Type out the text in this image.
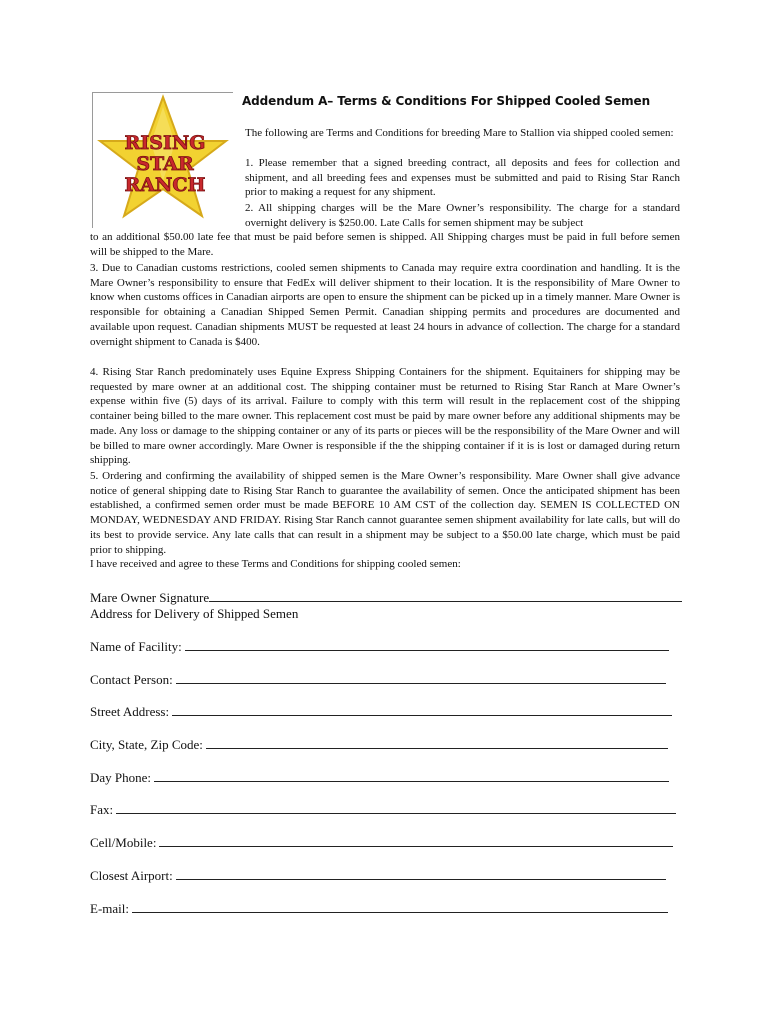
RISING
STAR
RANCH
Addendum A– Terms & Conditions For Shipped Cooled Semen

The following are Terms and Conditions for breeding Mare to Stallion via shipped cooled semen:

1. Please remember that a signed breeding contract, all deposits and fees for collection and shipment, and all breeding fees and expenses must be submitted and paid to Rising Star Ranch prior to making a request for any shipment.

2. All shipping charges will be the Mare Owner’s responsibility. The charge for a standard overnight delivery is $250.00. Late Calls for semen shipment may be subject

to an additional $50.00 late fee that must be paid before semen is shipped. All Shipping charges must be paid in full before semen will be shipped to the Mare.

3. Due to Canadian customs restrictions, cooled semen shipments to Canada may require extra coordination and handling. It is the Mare Owner’s responsibility to ensure that FedEx will deliver shipment to their location. It is the responsibility of Mare Owner to know when customs offices in Canadian airports are open to ensure the shipment can be picked up in a timely manner. Mare Owner is responsible for obtaining a Canadian Shipped Semen Permit. Canadian shipping permits and procedures are documented and available upon request. Canadian shipments MUST be requested at least 24 hours in advance of collection. The charge for a standard overnight shipment to Canada is $400.

4. Rising Star Ranch predominately uses Equine Express Shipping Containers for the shipment. Equitainers for shipping may be requested by mare owner at an additional cost. The shipping container must be returned to Rising Star Ranch at Mare Owner’s expense within five (5) days of its arrival. Failure to comply with this term will result in the replacement cost of the shipping container being billed to the mare owner. This replacement cost must be paid by mare owner before any additional shipments may be made. Any loss or damage to the shipping container or any of its parts or pieces will be the responsibility of the Mare Owner and will be billed to mare owner accordingly. Mare Owner is responsible if the the shipping container if it is is lost or damaged during return shipping.

5. Ordering and confirming the availability of shipped semen is the Mare Owner’s responsibility. Mare Owner shall give advance notice of general shipping date to Rising Star Ranch to guarantee the availability of semen. Once the anticipated shipment has been established, a confirmed semen order must be made BEFORE 10 AM CST of the collection day. SEMEN IS COLLECTED ON MONDAY, WEDNESDAY AND FRIDAY. Rising Star Ranch cannot guarantee semen shipment availability for late calls, but will do its best to provide service. Any late calls that can result in a shipment may be subject to a $50.00 late charge, which must be paid prior to shipping.

I have received and agree to these Terms and Conditions for shipping cooled semen:

Mare Owner Signature
Address for Delivery of Shipped Semen
Name of Facility:
Contact Person:
Street Address:
City, State, Zip Code:
Day Phone:
Fax:
Cell/Mobile:
Closest Airport:
E-mail:
